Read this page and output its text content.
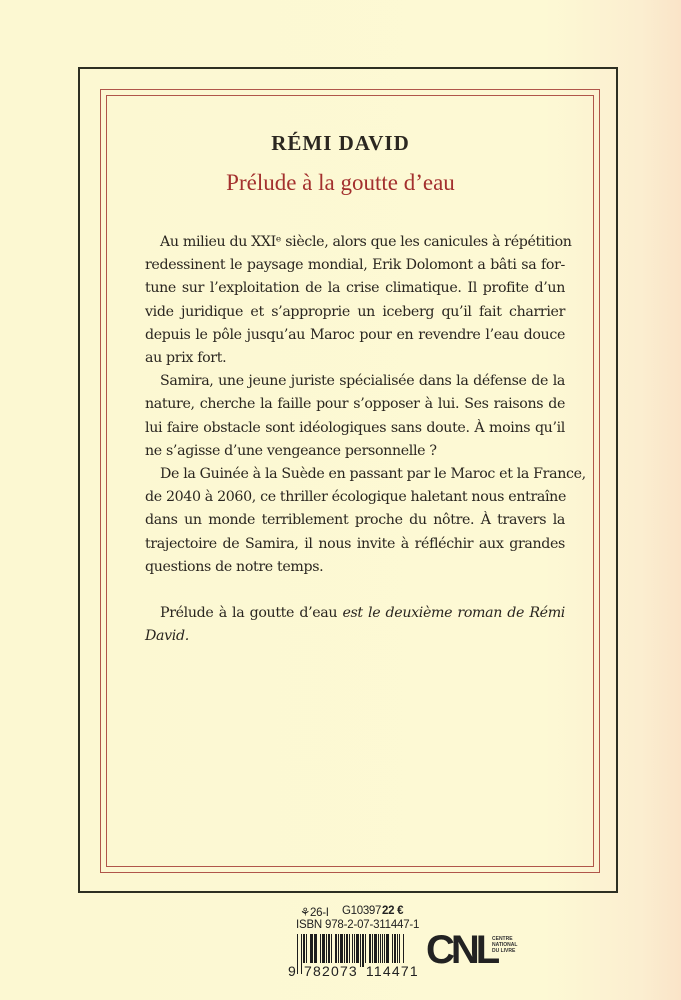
RÉMI DAVID
Prélude à la goutte d’eau
Au milieu du XXIᵉ siècle, alors que les canicules à répétition
redessinent le paysage mondial, Erik Dolomont a bâti sa for-
tune sur l’exploitation de la crise climatique. Il profite d’un
vide juridique et s’approprie un iceberg qu’il fait charrier
depuis le pôle jusqu’au Maroc pour en revendre l’eau douce
au prix fort.
Samira, une jeune juriste spécialisée dans la défense de la
nature, cherche la faille pour s’opposer à lui. Ses raisons de
lui faire obstacle sont idéologiques sans doute. À moins qu’il
ne s’agisse d’une vengeance personnelle ?
De la Guinée à la Suède en passant par le Maroc et la France,
de 2040 à 2060, ce thriller écologique haletant nous entraîne
dans un monde terriblement proche du nôtre. À travers la
trajectoire de Samira, il nous invite à réfléchir aux grandes
questions de notre temps.
Prélude à la goutte d’eau est le deuxième roman de Rémi
David.
⚘26-I G10397 22 €
ISBN 978-2-07-311447-1
9 782073 114471 CNL
CENTRE
NATIONAL
DU LIVRE
